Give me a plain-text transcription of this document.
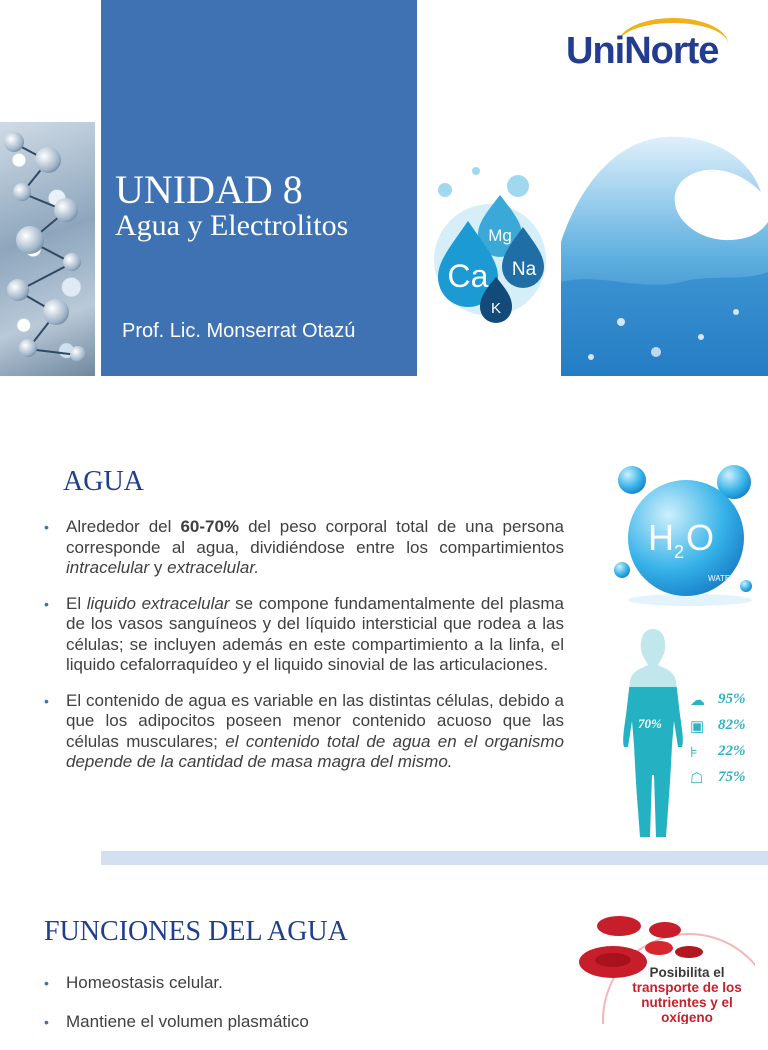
UNIDAD 8
Agua y Electrolitos
Prof. Lic. Monserrat Otazú
UniNorte
Mg
Na
Ca
K
AGUA
• Alrededor del 60-70% del peso corporal total de una persona corresponde al agua, dividiéndose entre los compartimientos intracelular y extracelular.
• El liquido extracelular se compone fundamentalmente del plasma de los vasos sanguíneos y del líquido intersticial que rodea a las células; se incluyen además en este compartimiento a la linfa, el liquido cefalorraquídeo y el liquido sinovial de las articulaciones.
• El contenido de agua es variable en las distintas células, debido a que los adipocitos poseen menor contenido acuoso que las células musculares; el contenido total de agua en el organismo depende de la cantidad de masa magra del mismo.
H 2 O
WATER
70%
☁ 95%
▣ 82%
⊧ 22%
☖ 75%
FUNCIONES DEL AGUA
• Homeostasis celular.
• Mantiene el volumen plasmático
Posibilita el
transporte de los nutrientes y el oxígeno
